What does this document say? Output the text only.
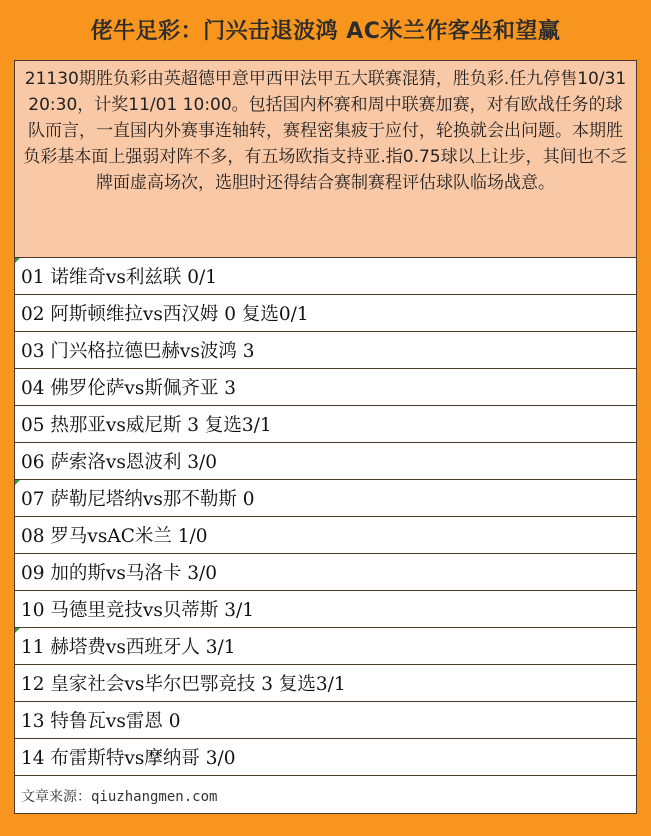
佬牛足彩：门兴击退波鸿 AC米兰作客坐和望赢
21130期胜负彩由英超德甲意甲西甲法甲五大联赛混猜，胜负彩.任九停售10/31 20:30，计奖11/01 10:00。包括国内杯赛和周中联赛加赛，对有欧战任务的球队而言，一直国内外赛事连轴转，赛程密集疲于应付，轮换就会出问题。本期胜负彩基本面上强弱对阵不多，有五场欧指支持亚.指0.75球以上让步，其间也不乏牌面虚高场次，选胆时还得结合赛制赛程评估球队临场战意。
01 诺维奇vs利兹联 0/1
02 阿斯顿维拉vs西汉姆 0 复选0/1
03 门兴格拉德巴赫vs波鸿 3
04 佛罗伦萨vs斯佩齐亚 3
05 热那亚vs威尼斯 3 复选3/1
06 萨索洛vs恩波利 3/0
07 萨勒尼塔纳vs那不勒斯 0
08 罗马vsAC米兰 1/0
09 加的斯vs马洛卡 3/0
10 马德里竞技vs贝蒂斯 3/1
11 赫塔费vs西班牙人 3/1
12 皇家社会vs毕尔巴鄂竞技 3 复选3/1
13 特鲁瓦vs雷恩 0
14 布雷斯特vs摩纳哥 3/0
文章来源：qiuzhangmen.com
